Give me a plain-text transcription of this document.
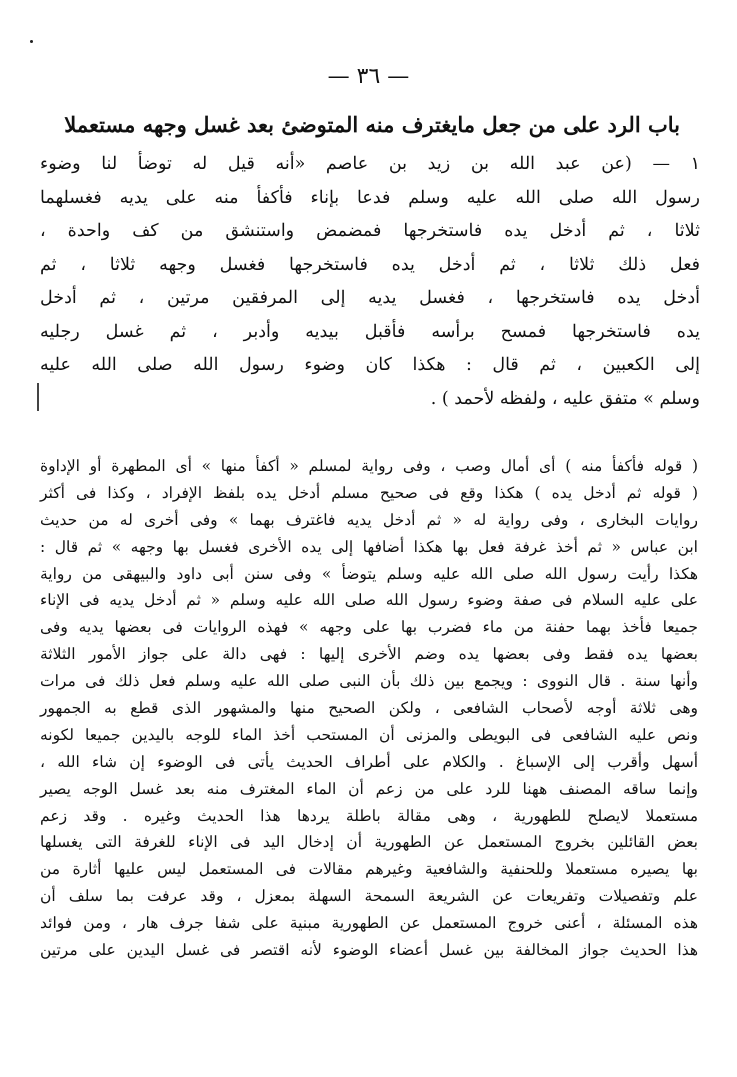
— ٣٦ —
باب الرد على من جعل مايغترف منه المتوضئ بعد غسل وجهه مستعملا
١ — (عن عبد الله بن زيد بن عاصم «أنه قيل له توضأ لنا وضوء
رسول الله صلى الله عليه وسلم فدعا بإناء فأكفأ منه على يديه فغسلهما
ثلاثا ، ثم أدخل يده فاستخرجها فمضمض واستنشق من كف واحدة ،
فعل ذلك ثلاثا ، ثم أدخل يده فاستخرجها فغسل وجهه ثلاثا ، ثم
أدخل يده فاستخرجها ، فغسل يديه إلى المرفقين مرتين ، ثم أدخل
يده فاستخرجها فمسح برأسه فأقبل بيديه وأدبر ، ثم غسل رجليه
إلى الكعبين ، ثم قال : هكذا كان وضوء رسول الله صلى الله عليه
وسلم » متفق عليه ، ولفظه لأحمد ) .
( قوله فأكفأ منه ) أى أمال وصب ، وفى رواية لمسلم « أكفأ منها » أى المطهرة أو الإداوة
( قوله ثم أدخل يده ) هكذا وقع فى صحيح مسلم أدخل يده بلفظ الإفراد ، وكذا فى أكثر
روايات البخارى ، وفى رواية له « ثم أدخل يديه فاغترف بهما » وفى أخرى له من حديث
ابن عباس « ثم أخذ غرفة فعل بها هكذا أضافها إلى يده الأخرى فغسل بها وجهه » ثم قال :
هكذا رأيت رسول الله صلى الله عليه وسلم يتوضأ » وفى سنن أبى داود والبيهقى من رواية
على عليه السلام فى صفة وضوء رسول الله صلى الله عليه وسلم « ثم أدخل يديه فى الإناء
جميعا فأخذ بهما حفنة من ماء فضرب بها على وجهه » فهذه الروايات فى بعضها يديه وفى
بعضها يده فقط وفى بعضها يده وضم الأخرى إليها : فهى دالة على جواز الأمور الثلاثة
وأنها سنة . قال النووى : ويجمع بين ذلك بأن النبى صلى الله عليه وسلم فعل ذلك فى مرات
وهى ثلاثة أوجه لأصحاب الشافعى ، ولكن الصحيح منها والمشهور الذى قطع به الجمهور
ونص عليه الشافعى فى البويطى والمزنى أن المستحب أخذ الماء للوجه باليدين جميعا لكونه
أسهل وأقرب إلى الإسباغ . والكلام على أطراف الحديث يأتى فى الوضوء إن شاء الله ،
وإنما ساقه المصنف ههنا للرد على من زعم أن الماء المغترف منه بعد غسل الوجه يصير
مستعملا لايصلح للطهورية ، وهى مقالة باطلة يردها هذا الحديث وغيره . وقد زعم
بعض القائلين بخروج المستعمل عن الطهورية أن إدخال اليد فى الإناء للغرفة التى يغسلها
بها يصيره مستعملا وللحنفية والشافعية وغيرهم مقالات فى المستعمل ليس عليها أثارة من
علم وتفصيلات وتفريعات عن الشريعة السمحة السهلة بمعزل ، وقد عرفت بما سلف أن
هذه المسئلة ، أعنى خروج المستعمل عن الطهورية مبنية على شفا جرف هار ، ومن فوائد
هذا الحديث جواز المخالفة بين غسل أعضاء الوضوء لأنه اقتصر فى غسل اليدين على مرتين
